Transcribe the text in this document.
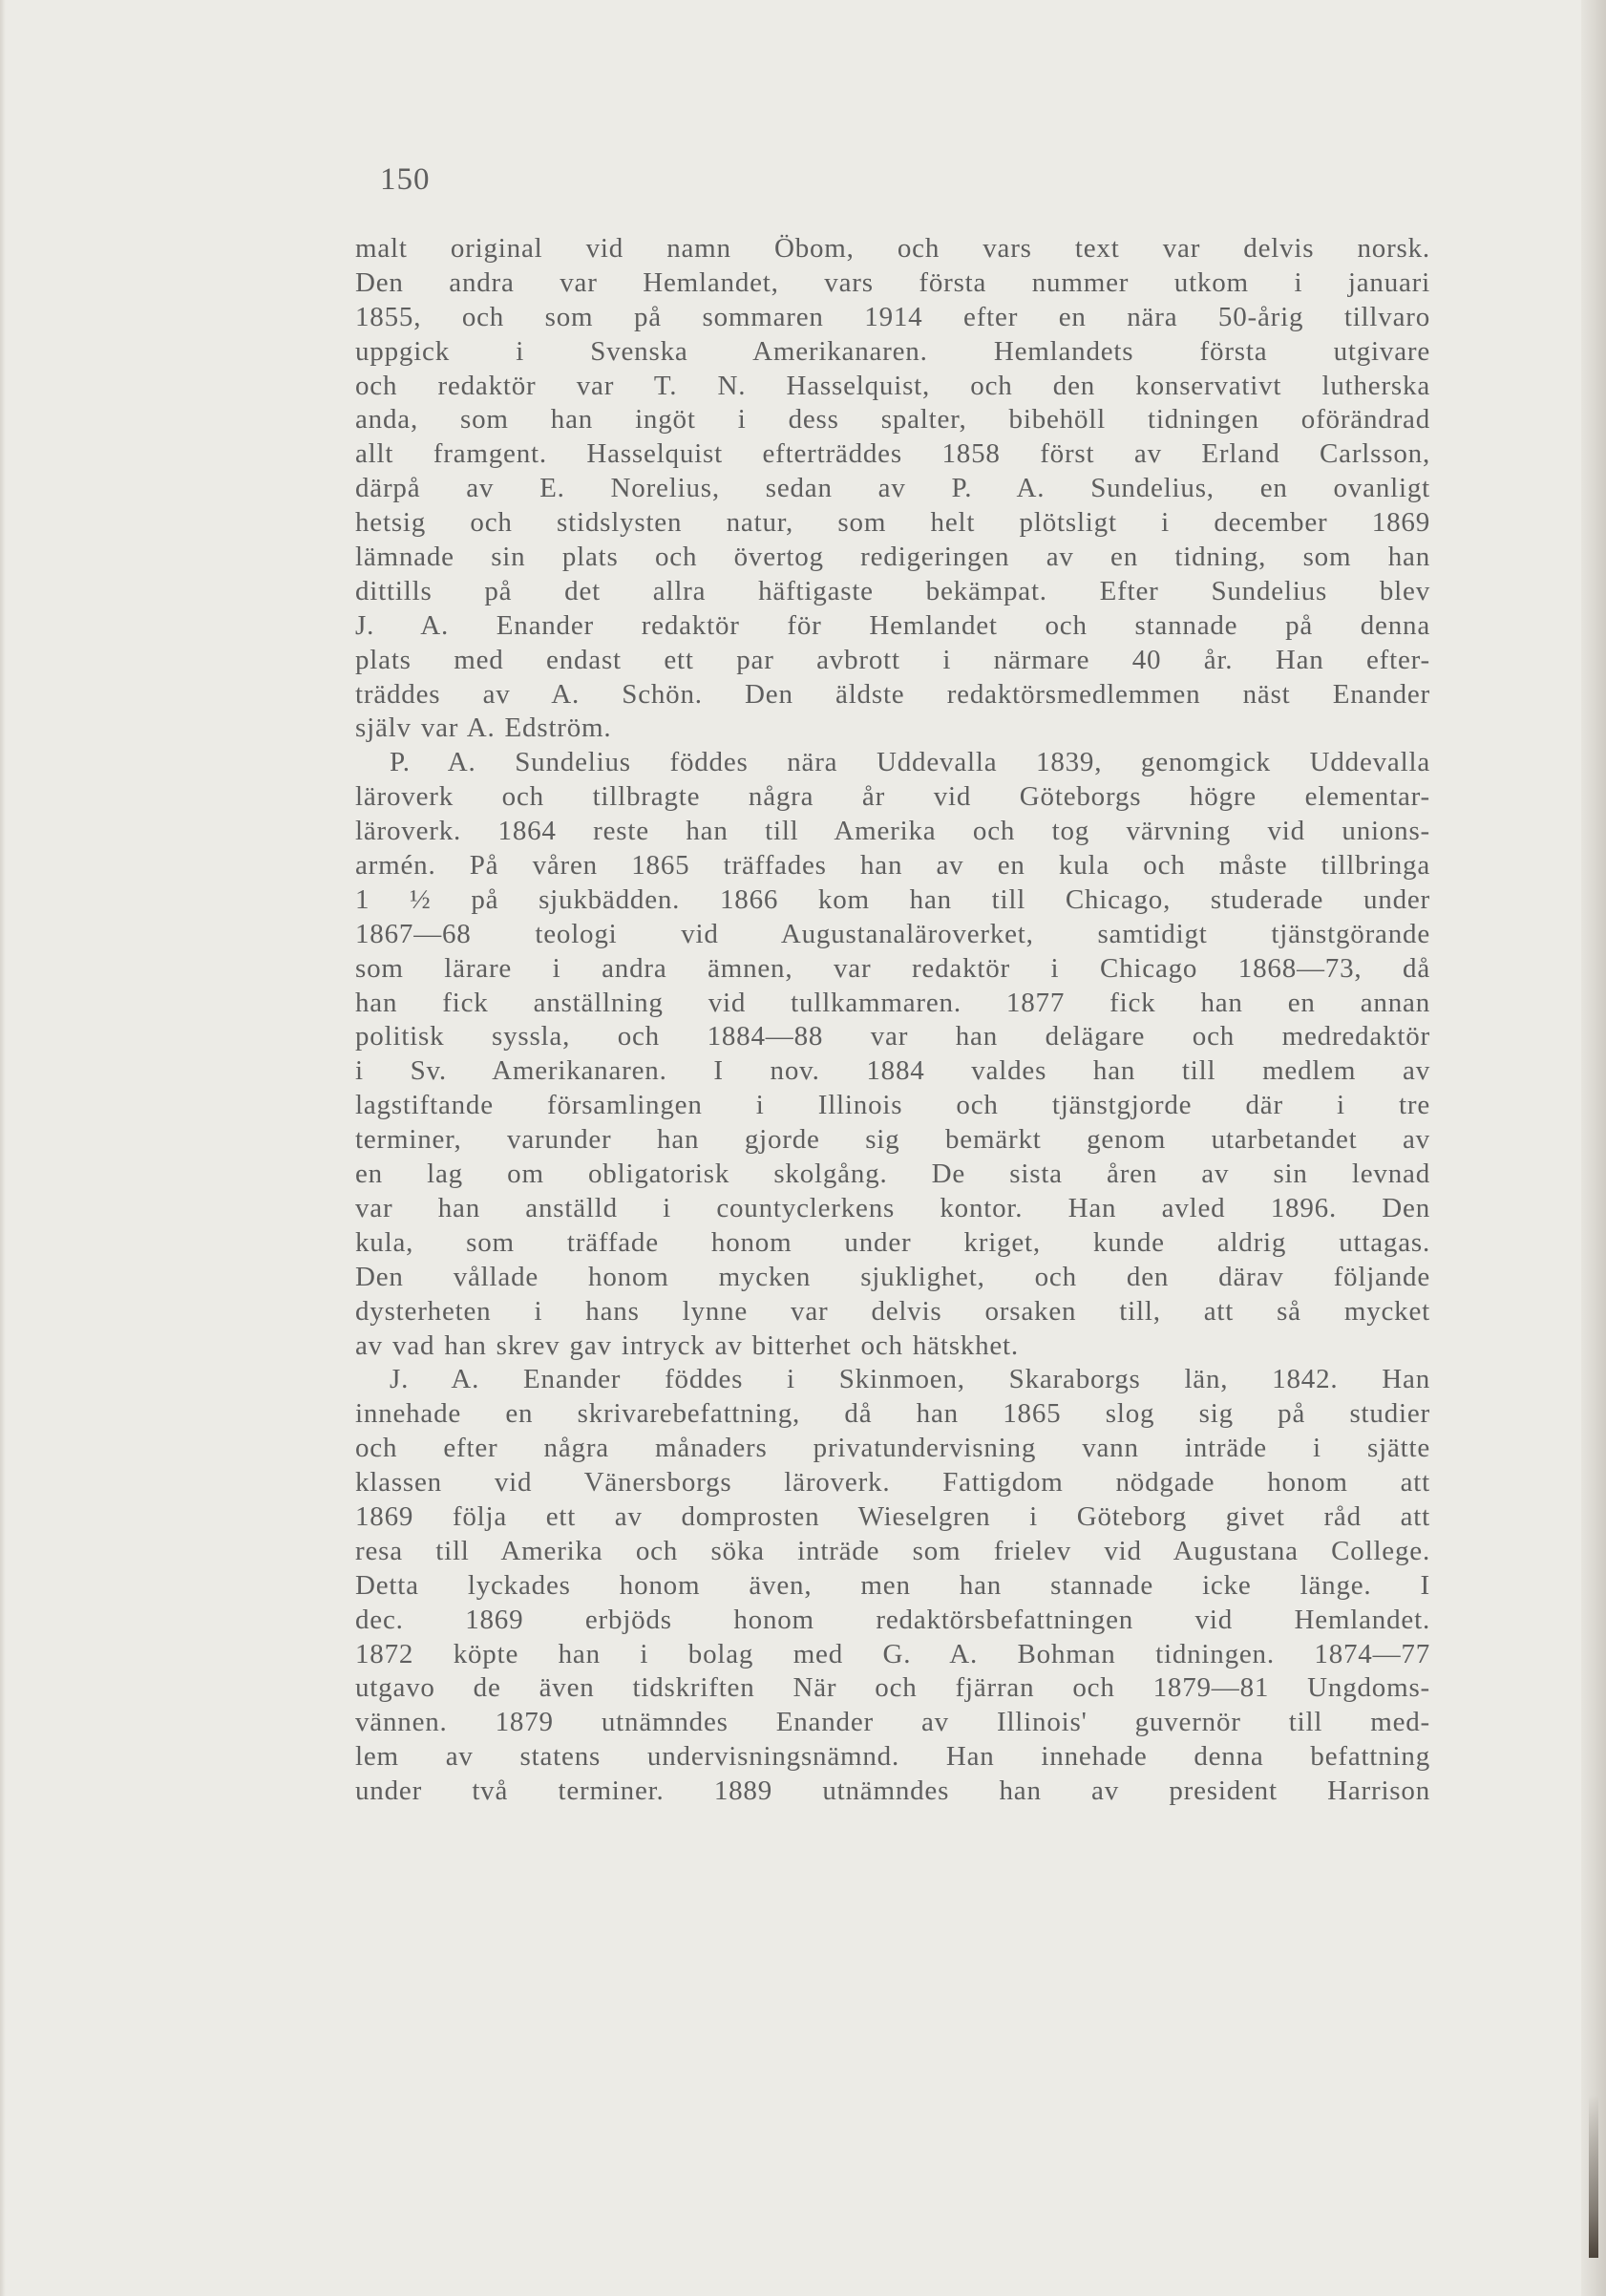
150
malt original vid namn Öbom, och vars text var delvis norsk.
Den andra var Hemlandet, vars första nummer utkom i januari
1855, och som på sommaren 1914 efter en nära 50-årig tillvaro
uppgick i Svenska Amerikanaren. Hemlandets första utgivare
och redaktör var T. N. Hasselquist, och den konservativt lutherska
anda, som han ingöt i dess spalter, bibehöll tidningen oförändrad
allt framgent. Hasselquist efterträddes 1858 först av Erland Carlsson,
därpå av E. Norelius, sedan av P. A. Sundelius, en ovanligt
hetsig och stidslysten natur, som helt plötsligt i december 1869
lämnade sin plats och övertog redigeringen av en tidning, som han
dittills på det allra häftigaste bekämpat. Efter Sundelius blev
J. A. Enander redaktör för Hemlandet och stannade på denna
plats med endast ett par avbrott i närmare 40 år. Han efter-
träddes av A. Schön. Den äldste redaktörsmedlemmen näst Enander
själv var A. Edström.
P. A. Sundelius föddes nära Uddevalla 1839, genomgick Uddevalla
läroverk och tillbragte några år vid Göteborgs högre elementar-
läroverk. 1864 reste han till Amerika och tog värvning vid unions-
armén. På våren 1865 träffades han av en kula och måste tillbringa
1 ½ på sjukbädden. 1866 kom han till Chicago, studerade under
1867—68 teologi vid Augustanaläroverket, samtidigt tjänstgörande
som lärare i andra ämnen, var redaktör i Chicago 1868—73, då
han fick anställning vid tullkammaren. 1877 fick han en annan
politisk syssla, och 1884—88 var han delägare och medredaktör
i Sv. Amerikanaren. I nov. 1884 valdes han till medlem av
lagstiftande församlingen i Illinois och tjänstgjorde där i tre
terminer, varunder han gjorde sig bemärkt genom utarbetandet av
en lag om obligatorisk skolgång. De sista åren av sin levnad
var han anställd i countyclerkens kontor. Han avled 1896. Den
kula, som träffade honom under kriget, kunde aldrig uttagas.
Den vållade honom mycken sjuklighet, och den därav följande
dysterheten i hans lynne var delvis orsaken till, att så mycket
av vad han skrev gav intryck av bitterhet och hätskhet.
J. A. Enander föddes i Skinmoen, Skaraborgs län, 1842. Han
innehade en skrivarebefattning, då han 1865 slog sig på studier
och efter några månaders privatundervisning vann inträde i sjätte
klassen vid Vänersborgs läroverk. Fattigdom nödgade honom att
1869 följa ett av domprosten Wieselgren i Göteborg givet råd att
resa till Amerika och söka inträde som frielev vid Augustana College.
Detta lyckades honom även, men han stannade icke länge. I
dec. 1869 erbjöds honom redaktörsbefattningen vid Hemlandet.
1872 köpte han i bolag med G. A. Bohman tidningen. 1874—77
utgavo de även tidskriften När och fjärran och 1879—81 Ungdoms-
vännen. 1879 utnämndes Enander av Illinois' guvernör till med-
lem av statens undervisningsnämnd. Han innehade denna befattning
under två terminer. 1889 utnämndes han av president Harrison
